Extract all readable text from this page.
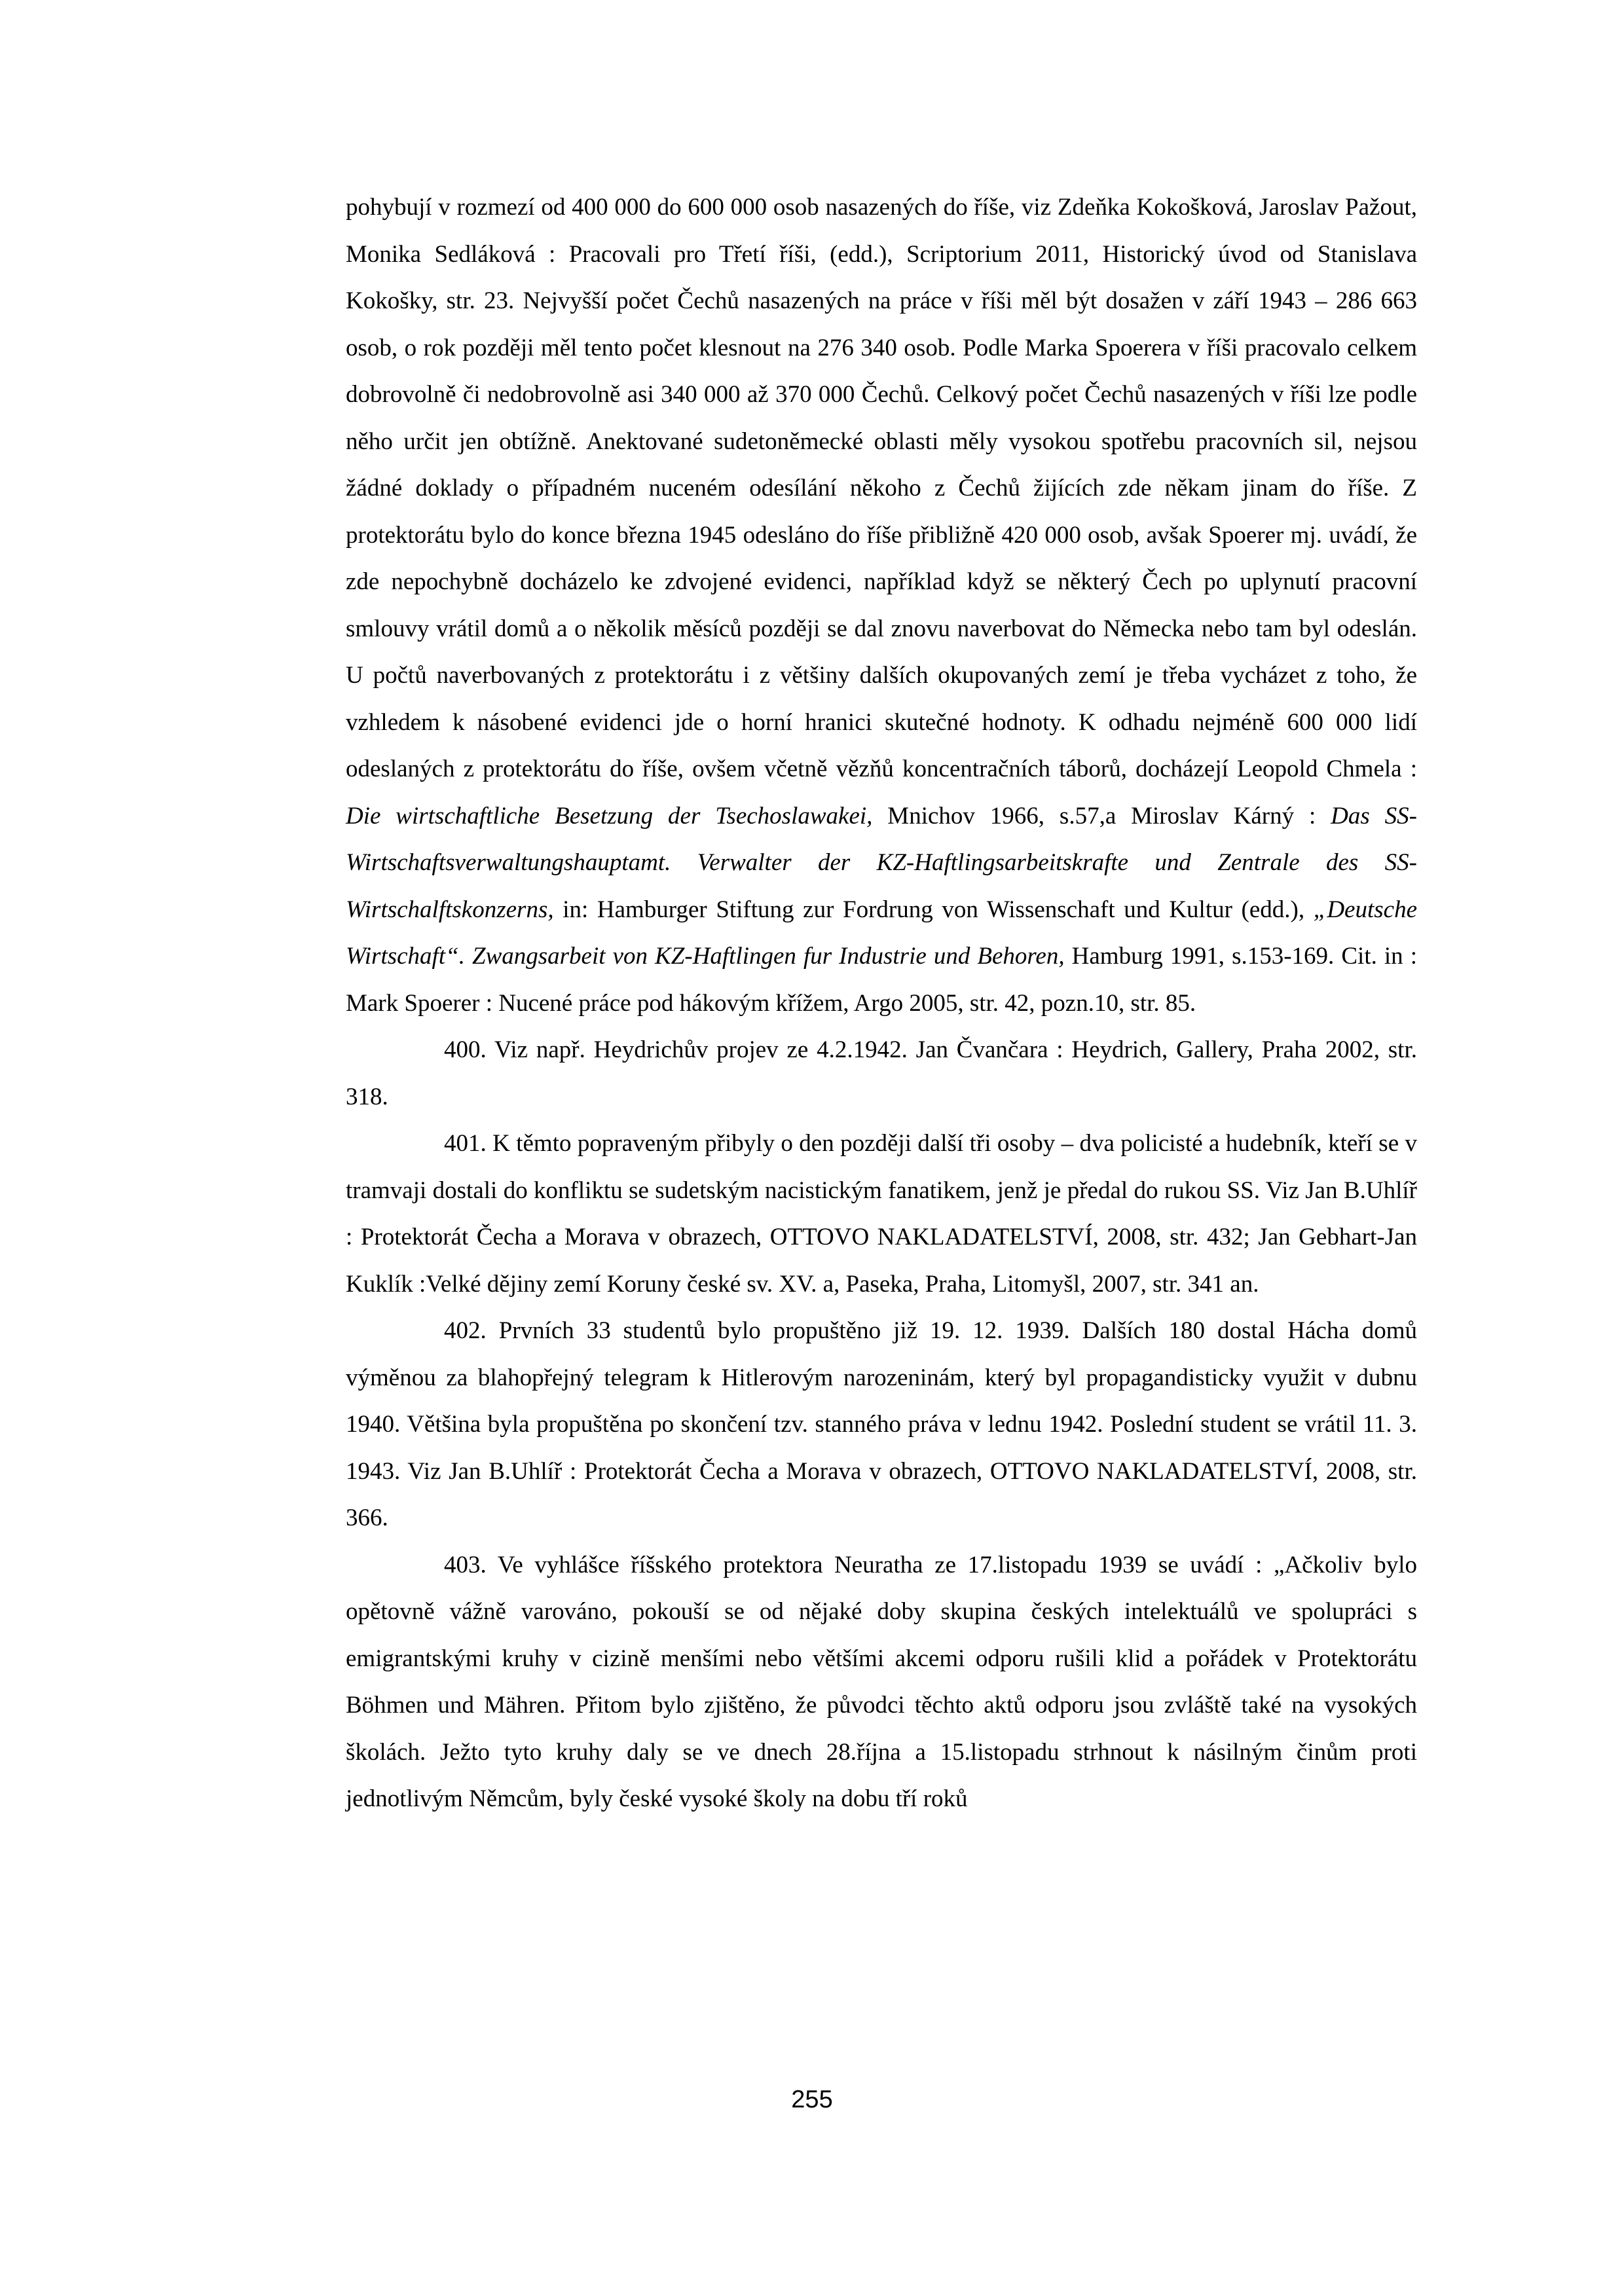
pohybují v rozmezí od 400 000 do 600 000 osob nasazených do říše, viz Zdeňka Kokošková, Jaroslav Pažout, Monika Sedláková : Pracovali pro Třetí říši, (edd.), Scriptorium 2011, Historický úvod od Stanislava Kokošky, str. 23. Nejvyšší počet Čechů nasazených na práce v říši měl být dosažen v září 1943 – 286 663 osob, o rok později měl tento počet klesnout na 276 340 osob. Podle Marka Spoerera v říši pracovalo celkem dobrovolně či nedobrovolně asi 340 000 až 370 000 Čechů. Celkový počet Čechů nasazených v říši lze podle něho určit jen obtížně. Anektované sudetoněmecké oblasti měly vysokou spotřebu pracovních sil, nejsou žádné doklady o případném nuceném odesílání někoho z Čechů žijících zde někam jinam do říše. Z protektorátu bylo do konce března 1945 odesláno do říše přibližně 420 000 osob, avšak Spoerer mj. uvádí, že zde nepochybně docházelo ke zdvojené evidenci, například když se některý Čech po uplynutí pracovní smlouvy vrátil domů a o několik měsíců později se dal znovu naverbovat do Německa nebo tam byl odeslán. U počtů naverbovaných z protektorátu i z většiny dalších okupovaných zemí je třeba vycházet z toho, že vzhledem k násobené evidenci jde o horní hranici skutečné hodnoty. K odhadu nejméně 600 000 lidí odeslaných z protektorátu do říše, ovšem včetně vězňů koncentračních táborů, docházejí Leopold Chmela : Die wirtschaftliche Besetzung der Tsechoslawakei, Mnichov 1966, s.57,a Miroslav Kárný : Das SS-Wirtschaftsverwaltungshauptamt. Verwalter der KZ-Haftlingsarbeitskrafte und Zentrale des SS-Wirtschalftskonzerns, in: Hamburger Stiftung zur Fordrung von Wissenschaft und Kultur (edd.), „Deutsche Wirtschaft“. Zwangsarbeit von KZ-Haftlingen fur Industrie und Behoren, Hamburg 1991, s.153-169. Cit. in : Mark Spoerer : Nucené práce pod hákovým křížem, Argo 2005, str. 42, pozn.10, str. 85.

400. Viz např. Heydrichův projev ze 4.2.1942. Jan Čvančara : Heydrich, Gallery, Praha 2002, str. 318.

401. K těmto popraveným přibyly o den později další tři osoby – dva policisté a hudebník, kteří se v tramvaji dostali do konfliktu se sudetským nacistickým fanatikem, jenž je předal do rukou SS. Viz Jan B.Uhlíř : Protektorát Čecha a Morava v obrazech, OTTOVO NAKLADATELSTVÍ, 2008, str. 432; Jan Gebhart-Jan Kuklík :Velké dějiny zemí Koruny české sv. XV. a, Paseka, Praha, Litomyšl, 2007, str. 341 an.

402. Prvních 33 studentů bylo propuštěno již 19. 12. 1939. Dalších 180 dostal Hácha domů výměnou za blahopřejný telegram k Hitlerovým narozeninám, který byl propagandisticky využit v dubnu 1940. Většina byla propuštěna po skončení tzv. stanného práva v lednu 1942. Poslední student se vrátil 11. 3. 1943. Viz Jan B.Uhlíř : Protektorát Čecha a Morava v obrazech, OTTOVO NAKLADATELSTVÍ, 2008, str. 366.

403. Ve vyhlášce říšského protektora Neuratha ze 17.listopadu 1939 se uvádí : „Ačkoliv bylo opětovně vážně varováno, pokouší se od nějaké doby skupina českých intelektuálů ve spolupráci s emigrantskými kruhy v cizině menšími nebo většími akcemi odporu rušili klid a pořádek v Protektorátu Böhmen und Mähren. Přitom bylo zjištěno, že původci těchto aktů odporu jsou zvláště také na vysokých školách. Ježto tyto kruhy daly se ve dnech 28.října a 15.listopadu strhnout k násilným činům proti jednotlivým Němcům, byly české vysoké školy na dobu tří roků

255
